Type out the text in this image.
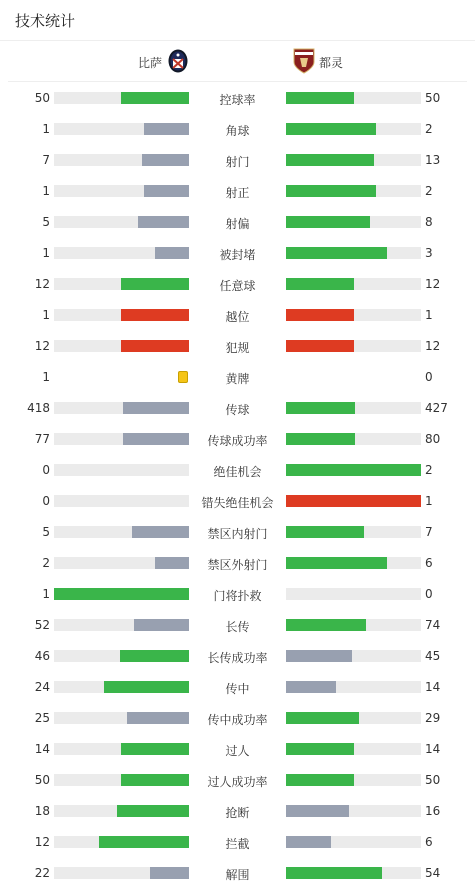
技术统计
比萨	都灵
50	控球率	50
1	角球	2
7	射门	13
1	射正	2
5	射偏	8
1	被封堵	3
12	任意球	12
1	越位	1
12	犯规	12
1	黄牌	0
418	传球	427
77	传球成功率	80
0	绝佳机会	2
0	错失绝佳机会	1
5	禁区内射门	7
2	禁区外射门	6
1	门将扑救	0
52	长传	74
46	长传成功率	45
24	传中	14
25	传中成功率	29
14	过人	14
50	过人成功率	50
18	抢断	16
12	拦截	6
22	解围	54
